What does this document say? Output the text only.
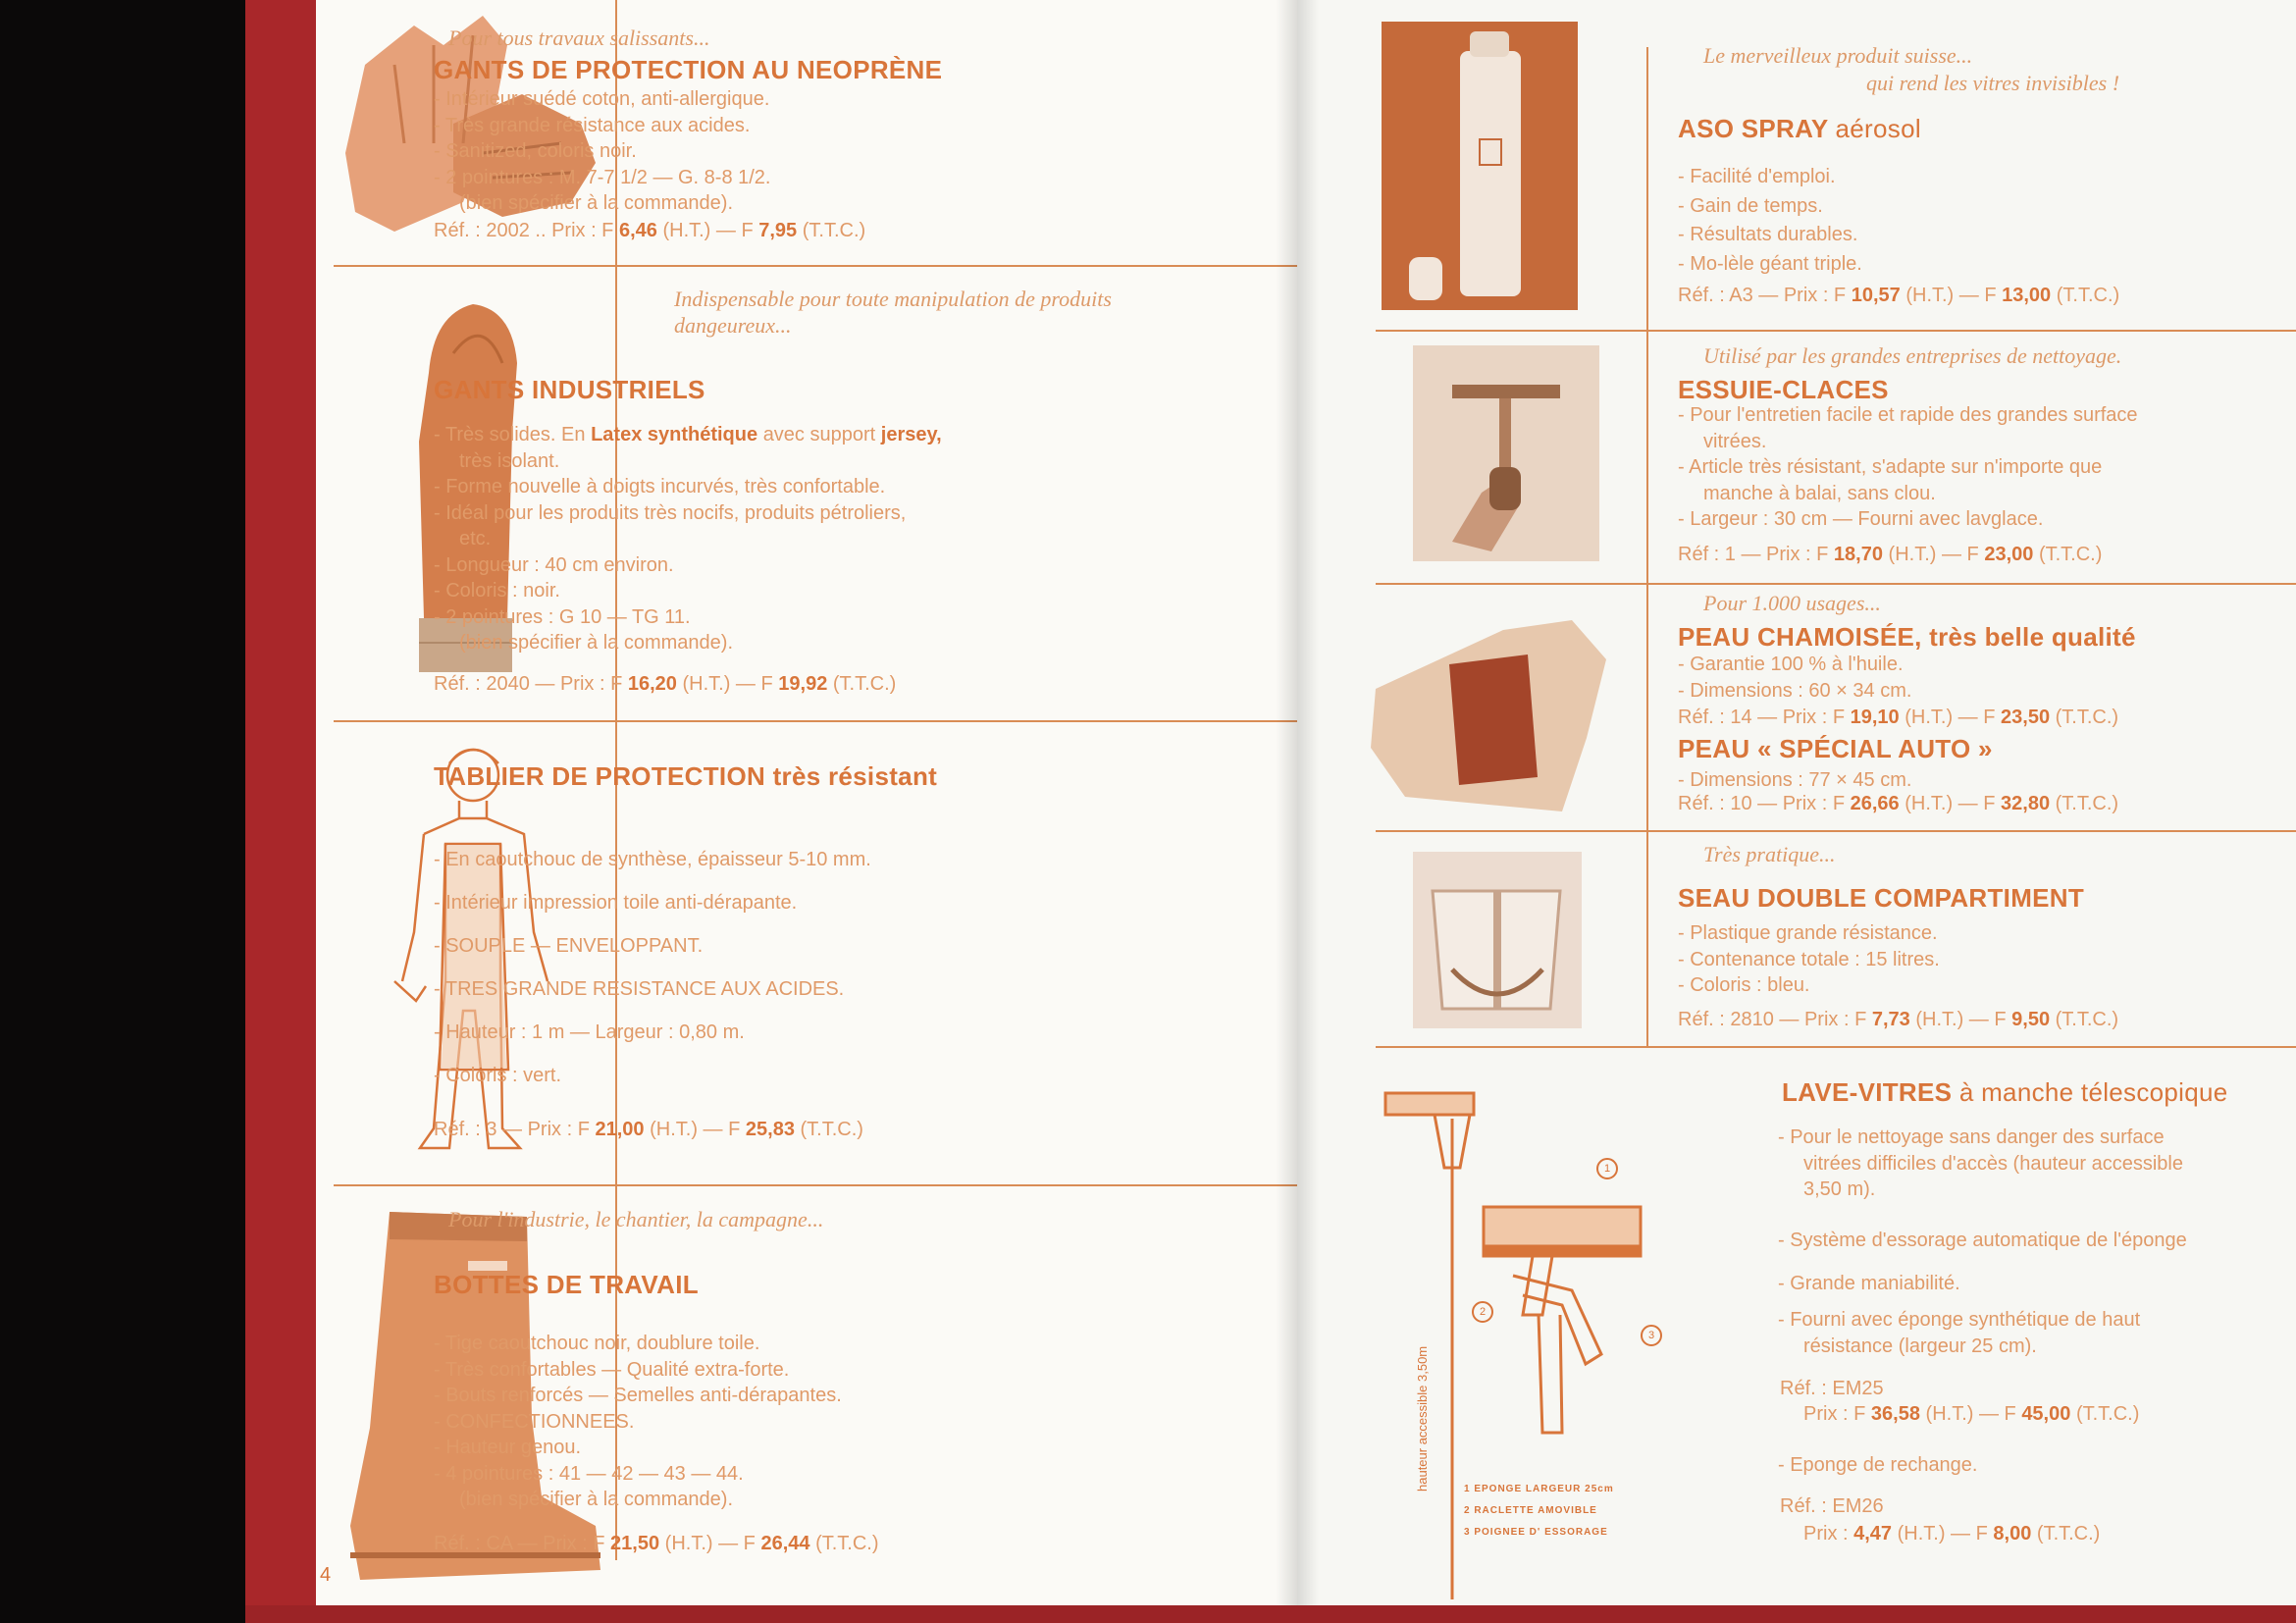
Pour tous travaux salissants...
GANTS DE PROTECTION AU NEOPRÈNE
- Intérieur suédé coton, anti-allergique.
- Très grande résistance aux acides.
- Sanitized, coloris noir.
- 2 pointures : M. 7-7 1/2 — G. 8-8 1/2.
(bien spécifier à la commande).
Réf. : 2002 .. Prix : F 6,46 (H.T.) — F 7,95 (T.T.C.)
Indispensable pour toute manipulation de produits
dangeureux...
GANTS INDUSTRIELS
- Très solides. En Latex synthétique avec support jersey,
très isolant.
- Forme nouvelle à doigts incurvés, très confortable.
- Idéal pour les produits très nocifs, produits pétroliers,
etc.
- Longueur : 40 cm environ.
- Coloris : noir.
- 2 pointures : G 10 — TG 11.
(bien spécifier à la commande).
Réf. : 2040 — Prix : F 16,20 (H.T.) — F 19,92 (T.T.C.)
TABLIER DE PROTECTION très résistant
- En caoutchouc de synthèse, épaisseur 5-10 mm.
- Intérieur impression toile anti-dérapante.
- SOUPLE — ENVELOPPANT.
- TRES GRANDE RESISTANCE AUX ACIDES.
- Hauteur : 1 m — Largeur : 0,80 m.
- Coloris : vert.
Réf. : 3 — Prix : F 21,00 (H.T.) — F 25,83 (T.T.C.)
Pour l'industrie, le chantier, la campagne...
BOTTES DE TRAVAIL
- Tige caoutchouc noir, doublure toile.
- Très confortables — Qualité extra-forte.
- Bouts renforcés — Semelles anti-dérapantes.
- CONFECTIONNEES.
- Hauteur genou.
- 4 pointures : 41 — 42 — 43 — 44.
(bien spécifier à la commande).
Réf. : CA — Prix : F 21,50 (H.T.) — F 26,44 (T.T.C.)
4
1
2
3
hauteur accessible 3,50m	1 EPONGE LARGEUR 25cm
2 RACLETTE AMOVIBLE
3 POIGNEE D' ESSORAGE
Le merveilleux produit suisse...
qui rend les vitres invisibles !
ASO SPRAY aérosol
- Facilité d'emploi.
- Gain de temps.
- Résultats durables.
- Mo-lèle géant triple.
Réf. : A3 — Prix : F 10,57 (H.T.) — F 13,00 (T.T.C.)
Utilisé par les grandes entreprises de nettoyage.
ESSUIE-CLACES
- Pour l'entretien facile et rapide des grandes surface
vitrées.
- Article très résistant, s'adapte sur n'importe que
manche à balai, sans clou.
- Largeur : 30 cm — Fourni avec lavglace.
Réf : 1 — Prix : F 18,70 (H.T.) — F 23,00 (T.T.C.)
Pour 1.000 usages...
PEAU CHAMOISÉE, très belle qualité
- Garantie 100 % à l'huile.
- Dimensions : 60 × 34 cm.
Réf. : 14 — Prix : F 19,10 (H.T.) — F 23,50 (T.T.C.)
PEAU « SPÉCIAL AUTO »
- Dimensions : 77 × 45 cm.
Réf. : 10 — Prix : F 26,66 (H.T.) — F 32,80 (T.T.C.)
Très pratique...
SEAU DOUBLE COMPARTIMENT
- Plastique grande résistance.
- Contenance totale : 15 litres.
- Coloris : bleu.
Réf. : 2810 — Prix : F 7,73 (H.T.) — F 9,50 (T.T.C.)
LAVE-VITRES à manche télescopique
- Pour le nettoyage sans danger des surface
vitrées difficiles d'accès (hauteur accessible
3,50 m).
- Système d'essorage automatique de l'éponge
- Grande maniabilité.
- Fourni avec éponge synthétique de haut
résistance (largeur 25 cm).
Réf. : EM25
Prix : F 36,58 (H.T.) — F 45,00 (T.T.C.)
- Eponge de rechange.
Réf. : EM26
Prix : 4,47 (H.T.) — F 8,00 (T.T.C.)
